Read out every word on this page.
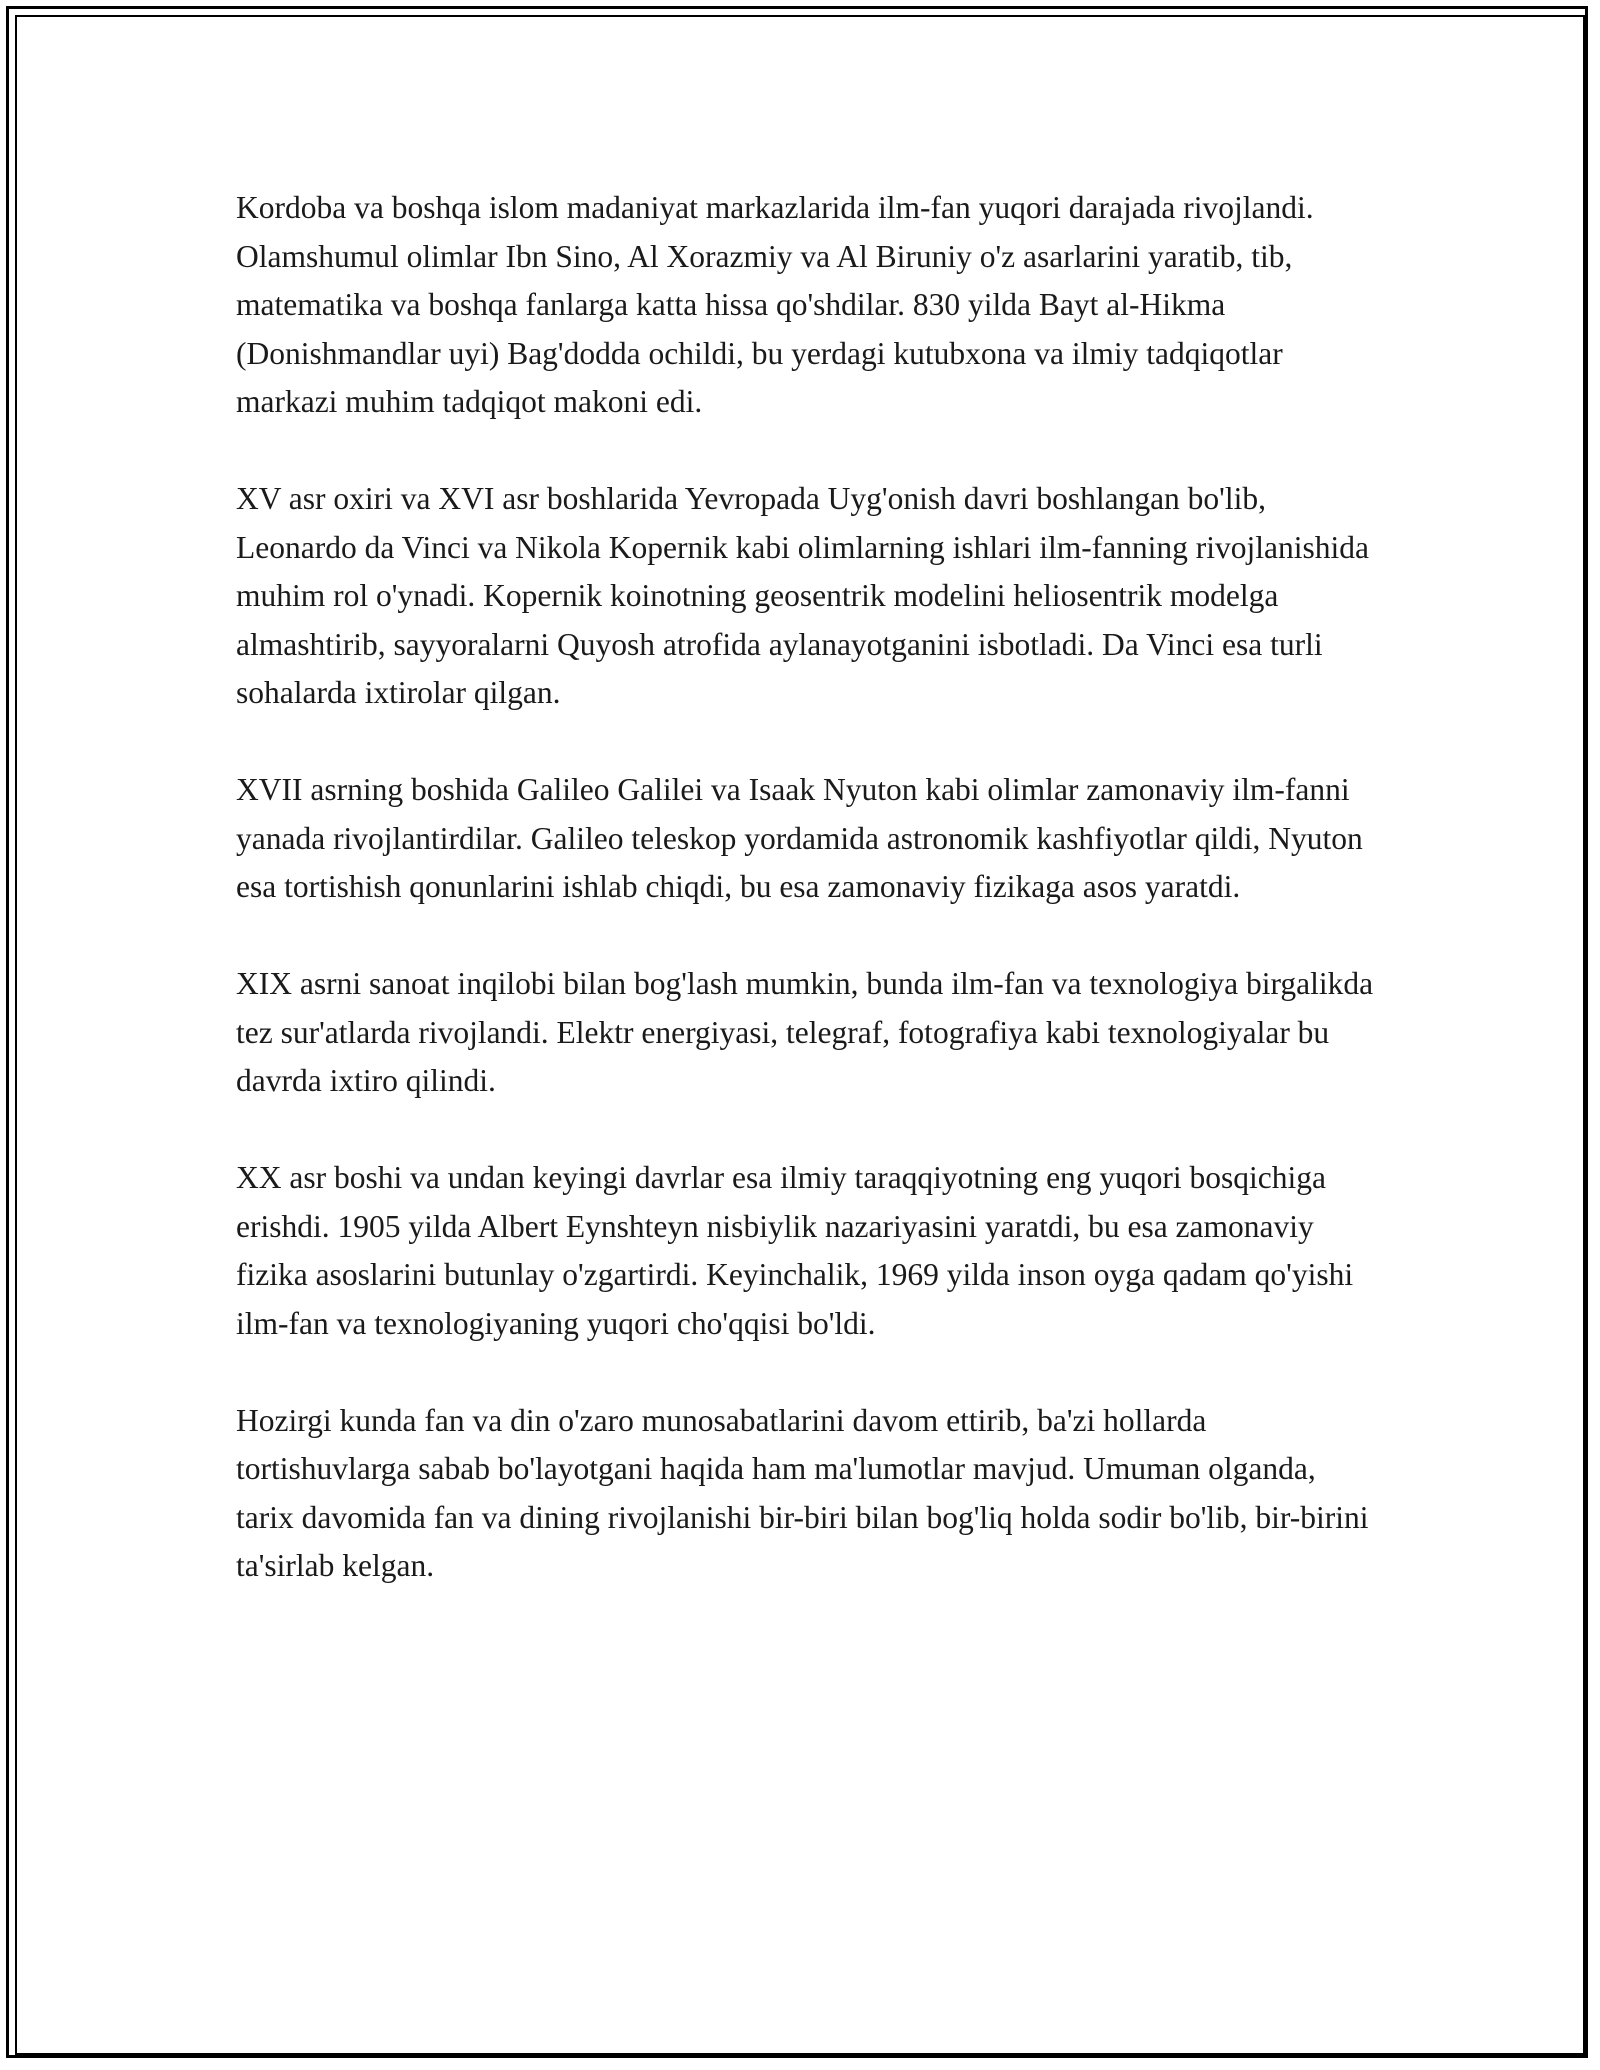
Kordoba va boshqa islom madaniyat markazlarida ilm-fan yuqori darajada rivojlandi. Olamshumul olimlar Ibn Sino, Al Xorazmiy va Al Biruniy o'z asarlarini yaratib, tib, matematika va boshqa fanlarga katta hissa qo'shdilar. 830 yilda Bayt al-Hikma (Donishmandlar uyi) Bag'dodda ochildi, bu yerdagi kutubxona va ilmiy tadqiqotlar markazi muhim tadqiqot makoni edi.

XV asr oxiri va XVI asr boshlarida Yevropada Uyg'onish davri boshlangan bo'lib, Leonardo da Vinci va Nikola Kopernik kabi olimlarning ishlari ilm-fanning rivojlanishida muhim rol o'ynadi. Kopernik koinotning geosentrik modelini heliosentrik modelga almashtirib, sayyoralarni Quyosh atrofida aylanayotganini isbotladi. Da Vinci esa turli sohalarda ixtirolar qilgan.

XVII asrning boshida Galileo Galilei va Isaak Nyuton kabi olimlar zamonaviy ilm-fanni yanada rivojlantirdilar. Galileo teleskop yordamida astronomik kashfiyotlar qildi, Nyuton esa tortishish qonunlarini ishlab chiqdi, bu esa zamonaviy fizikaga asos yaratdi.

XIX asrni sanoat inqilobi bilan bog'lash mumkin, bunda ilm-fan va texnologiya birgalikda tez sur'atlarda rivojlandi. Elektr energiyasi, telegraf, fotografiya kabi texnologiyalar bu davrda ixtiro qilindi.

XX asr boshi va undan keyingi davrlar esa ilmiy taraqqiyotning eng yuqori bosqichiga erishdi. 1905 yilda Albert Eynshteyn nisbiylik nazariyasini yaratdi, bu esa zamonaviy fizika asoslarini butunlay o'zgartirdi. Keyinchalik, 1969 yilda inson oyga qadam qo'yishi ilm-fan va texnologiyaning yuqori cho'qqisi bo'ldi.

Hozirgi kunda fan va din o'zaro munosabatlarini davom ettirib, ba'zi hollarda tortishuvlarga sabab bo'layotgani haqida ham ma'lumotlar mavjud. Umuman olganda, tarix davomida fan va dining rivojlanishi bir-biri bilan bog'liq holda sodir bo'lib, bir-birini ta'sirlab kelgan.
